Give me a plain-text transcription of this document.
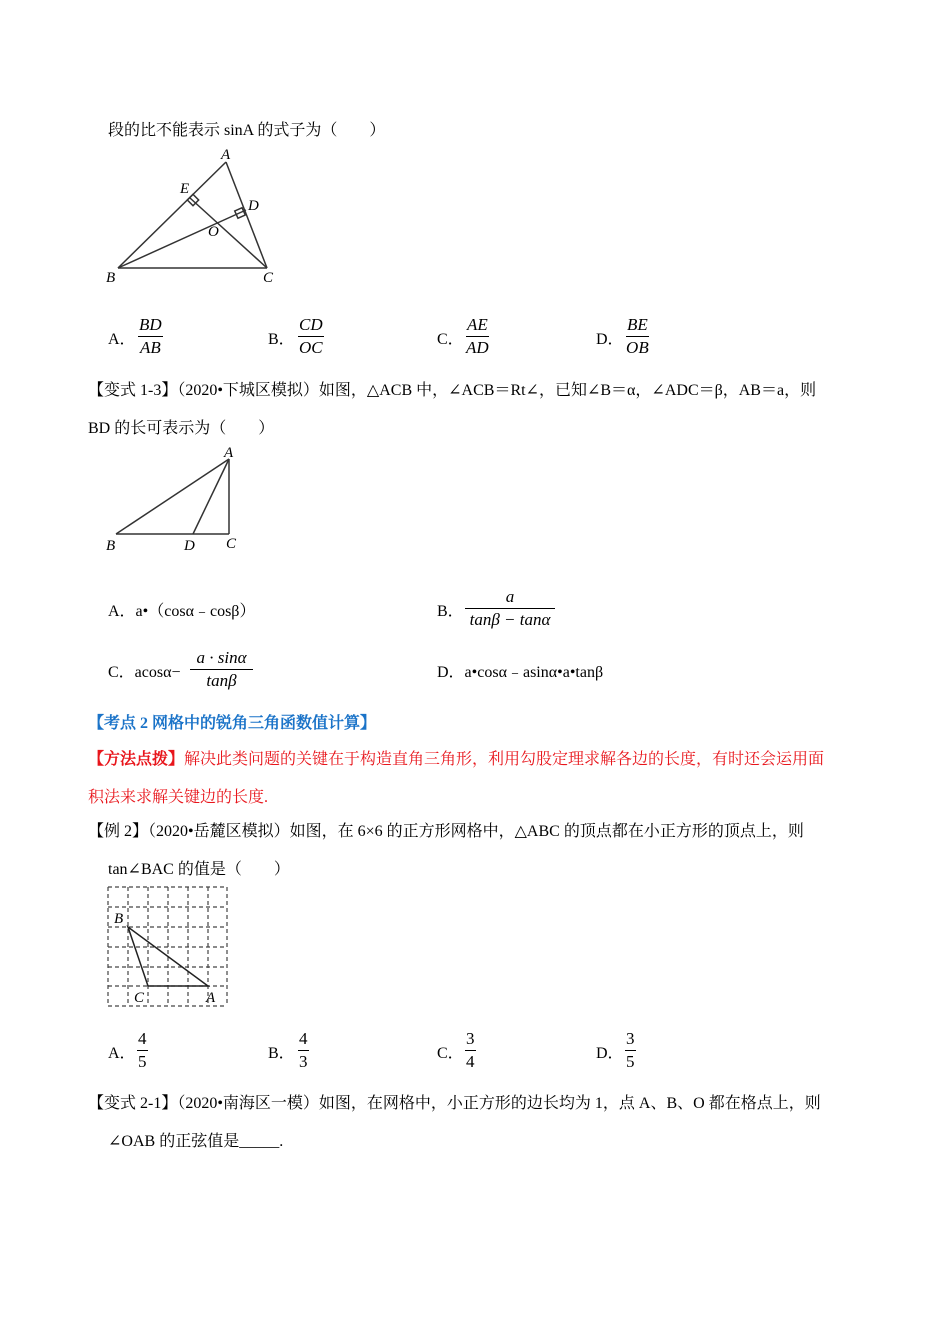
段的比不能表示 sinA 的式子为（　　）
A
E
D
O
B	C
A． $\frac{BD}{AB}$	B． $\frac{CD}{OC}$	C． $\frac{AE}{AD}$	D． $\frac{BE}{OB}$
【变式 1-3】（2020•下城区模拟）如图，△ACB 中，∠ACB＝Rt∠，已知∠B＝α，∠ADC＝β，AB＝a，则
BD 的长可表示为（　　）
A
B	D C
A．a•（cosα﹣cosβ）	B． $\frac{a}{\tan\beta - \tan\alpha}$
C．$acos\alpha- \frac{a \cdot \sin\alpha}{\tan\beta}$	D．a•cosα﹣asinα•a•tanβ
【考点 2 网格中的锐角三角函数值计算】
【方法点拨】解决此类问题的关键在于构造直角三角形，利用勾股定理求解各边的长度，有时还会运用面
积法来求解关键边的长度.
【例 2】（2020•岳麓区模拟）如图，在 6×6 的正方形网格中，△ABC 的顶点都在小正方形的顶点上，则
tan∠BAC 的值是（　　）
B
C	A
A． $\frac{4}{5}$	B． $\frac{4}{3}$	C． $\frac{3}{4}$	D． $\frac{3}{5}$
【变式 2-1】（2020•南海区一模）如图，在网格中，小正方形的边长均为 1，点 A、B、O 都在格点上，则
∠OAB 的正弦值是_____.
